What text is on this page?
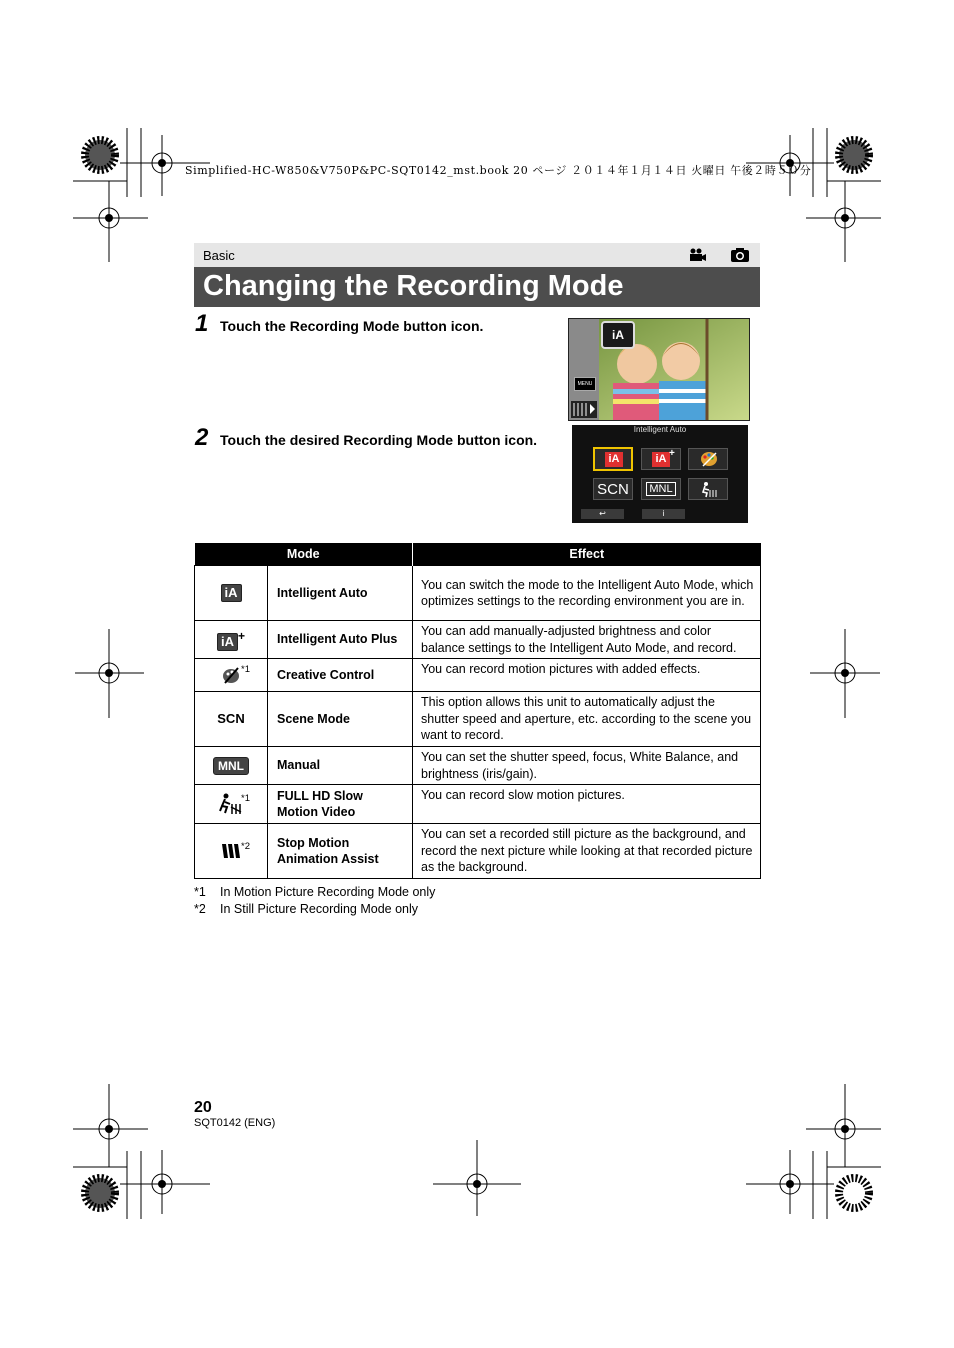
Simplified-HC-W850&V750P&PC-SQT0142_mst.book 20 ページ ２０１４年１月１４日 火曜日 午後２時５０分
Basic
Changing the Recording Mode
1 Touch the Recording Mode button icon.
2 Touch the desired Recording Mode button icon.
iA
MENU
Intelligent Auto
iA	iA +
SCN	MNL
↩	i
Mode		Effect
iA	Intelligent Auto	You can switch the mode to the Intelligent Auto Mode, which optimizes settings to the recording environment you are in.
iA +	Intelligent Auto Plus	You can add manually-adjusted brightness and color balance settings to the Intelligent Auto Mode, and record.

*1	Creative Control	You can record motion pictures with added effects.
SCN	Scene Mode	This option allows this unit to automatically adjust the shutter speed and aperture, etc. according to the scene you want to record.
MNL	Manual	You can set the shutter speed, focus, White Balance, and brightness (iris/gain).

*1	FULL HD Slow Motion Video	You can record slow motion pictures.

*2	Stop Motion Animation Assist	You can set a recorded still picture as the background, and record the next picture while looking at that recorded picture as the background.
*1 In Motion Picture Recording Mode only
*2 In Still Picture Recording Mode only
20
SQT0142 (ENG)
